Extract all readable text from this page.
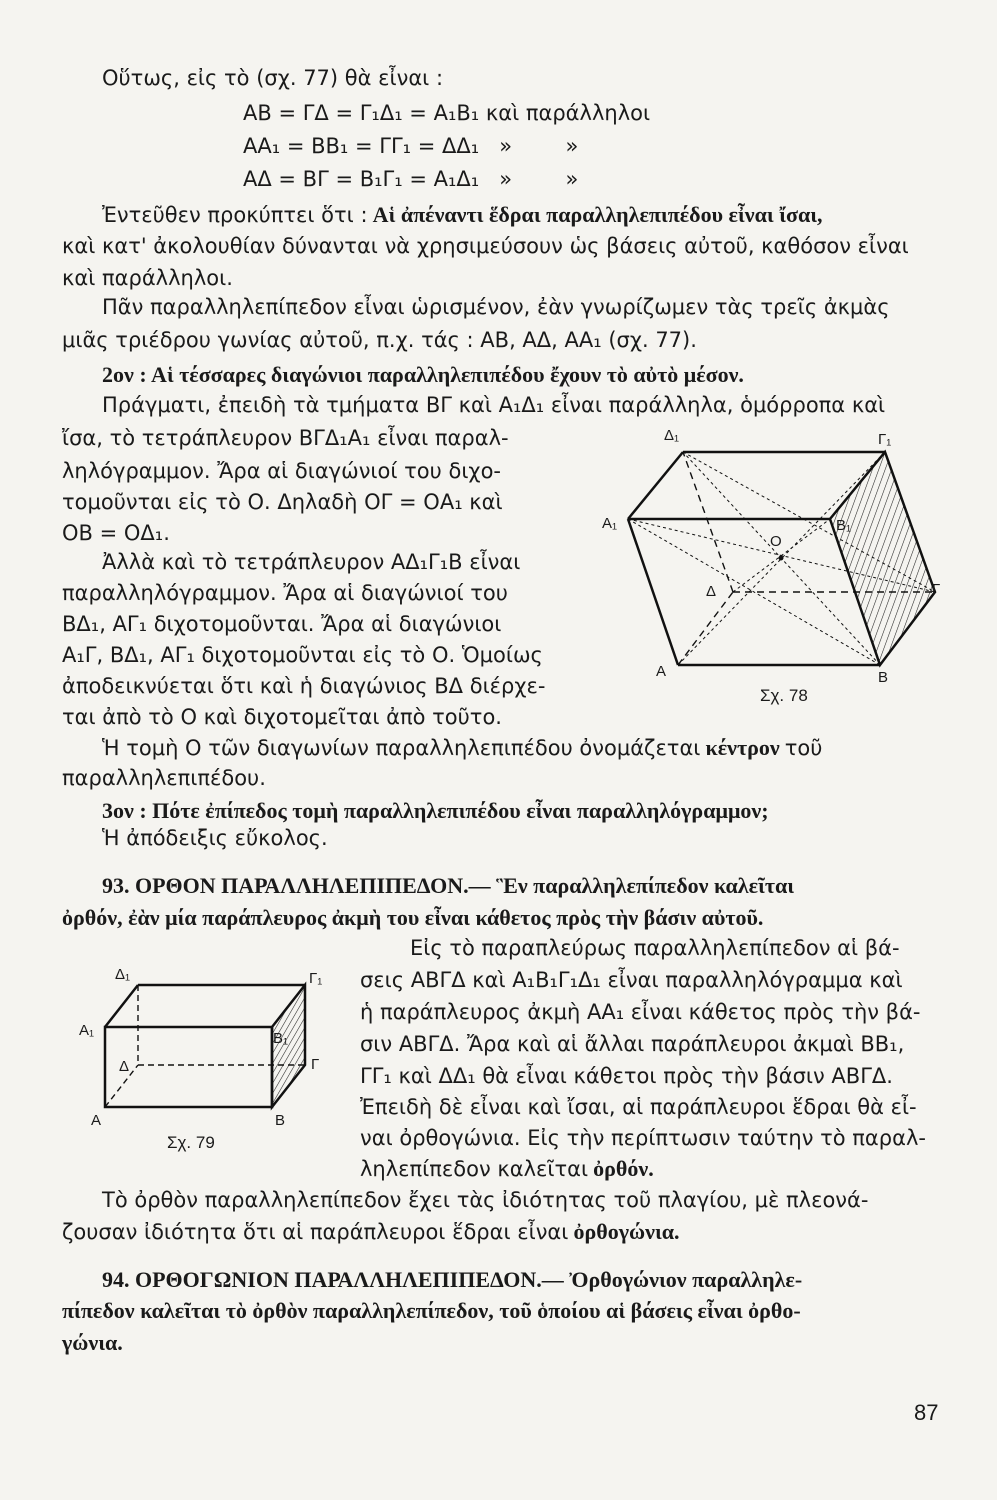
Οὕτως, εἰς τὸ (σχ. 77) θὰ εἶναι :
ΑΒ = ΓΔ = Γ₁Δ₁ = Α₁Β₁ καὶ παράλληλοι
ΑΑ₁ = ΒΒ₁ = ΓΓ₁ = ΔΔ₁   »        »
ΑΔ = ΒΓ = Β₁Γ₁ = Α₁Δ₁   »        »
Ἐντεῦθεν προκύπτει ὅτι : Αἱ ἀπέναντι ἕδραι παραλληλεπιπέδου εἶναι ἴσαι,
καὶ κατ' ἀκολουθίαν δύνανται νὰ χρησιμεύσουν ὡς βάσεις αὐτοῦ, καθόσον εἶναι
καὶ παράλληλοι.
Πᾶν παραλληλεπίπεδον εἶναι ὡρισμένον, ἐὰν γνωρίζωμεν τὰς τρεῖς ἀκμὰς
μιᾶς τριέδρου γωνίας αὐτοῦ, π.χ. τάς : ΑΒ, ΑΔ, ΑΑ₁ (σχ. 77).
2ον : Αἱ τέσσαρες διαγώνιοι παραλληλεπιπέδου ἔχουν τὸ αὐτὸ μέσον.
Πράγματι, ἐπειδὴ τὰ τμήματα ΒΓ καὶ Α₁Δ₁ εἶναι παράλληλα, ὁμόρροπα καὶ
ἴσα, τὸ τετράπλευρον ΒΓΔ₁Α₁ εἶναι παραλ-
ληλόγραμμον. Ἄρα αἱ διαγώνιοί του διχο-
τομοῦνται εἰς τὸ Ο. Δηλαδὴ ΟΓ = ΟΑ₁ καὶ
ΟΒ = ΟΔ₁.
Ἀλλὰ καὶ τὸ τετράπλευρον ΑΔ₁Γ₁Β εἶναι
παραλληλόγραμμον. Ἄρα αἱ διαγώνιοί του
ΒΔ₁, ΑΓ₁ διχοτομοῦνται. Ἄρα αἱ διαγώνιοι
Α₁Γ, ΒΔ₁, ΑΓ₁ διχοτομοῦνται εἰς τὸ Ο. Ὁμοίως
ἀποδεικνύεται ὅτι καὶ ἡ διαγώνιος ΒΔ διέρχε-
ται ἀπὸ τὸ Ο καὶ διχοτομεῖται ἀπὸ τοῦτο.
Ἡ τομὴ Ο τῶν διαγωνίων παραλληλεπιπέδου ὀνομάζεται κέντρον τοῦ
παραλληλεπιπέδου.
3ον : Πότε ἐπίπεδος τομὴ παραλληλεπιπέδου εἶναι παραλληλόγραμμον;
Ἡ ἀπόδειξις εὔκολος.
93. ΟΡΘΟΝ ΠΑΡΑΛΛΗΛΕΠΙΠΕΔΟΝ.— Ἓν παραλληλεπίπεδον καλεῖται
ὀρθόν, ἐὰν μία παράπλευρος ἀκμὴ του εἶναι κάθετος πρὸς τὴν βάσιν αὐτοῦ.
Εἰς τὸ παραπλεύρως παραλληλεπίπεδον αἱ βά-
σεις ΑΒΓΔ καὶ Α₁Β₁Γ₁Δ₁ εἶναι παραλληλόγραμμα καὶ
ἡ παράπλευρος ἀκμὴ ΑΑ₁ εἶναι κάθετος πρὸς τὴν βά-
σιν ΑΒΓΔ. Ἄρα καὶ αἱ ἄλλαι παράπλευροι ἀκμαὶ ΒΒ₁,
ΓΓ₁ καὶ ΔΔ₁ θὰ εἶναι κάθετοι πρὸς τὴν βάσιν ΑΒΓΔ.
Ἐπειδὴ δὲ εἶναι καὶ ἴσαι, αἱ παράπλευροι ἕδραι θὰ εἶ-
ναι ὀρθογώνια. Εἰς τὴν περίπτωσιν ταύτην τὸ παραλ-
ληλεπίπεδον καλεῖται ὀρθόν.
Τὸ ὀρθὸν παραλληλεπίπεδον ἔχει τὰς ἰδιότητας τοῦ πλαγίου, μὲ πλεονά-
ζουσαν ἰδιότητα ὅτι αἱ παράπλευροι ἕδραι εἶναι ὀρθογώνια.
94. ΟΡΘΟΓΩΝΙΟΝ ΠΑΡΑΛΛΗΛΕΠΙΠΕΔΟΝ.— Ὀρθογώνιον παραλληλε-
πίπεδον καλεῖται τὸ ὀρθὸν παραλληλεπίπεδον, τοῦ ὁποίου αἱ βάσεις εἶναι ὀρθο-
γώνια.
87
Δ₁	Γ₁
Α₁	Β₁
Ο
Δ	Γ
Α	Β
Σχ. 78
Δ₁	Γ₁
Α₁	Β₁
Δ	Γ
Α	Β
Σχ. 79
